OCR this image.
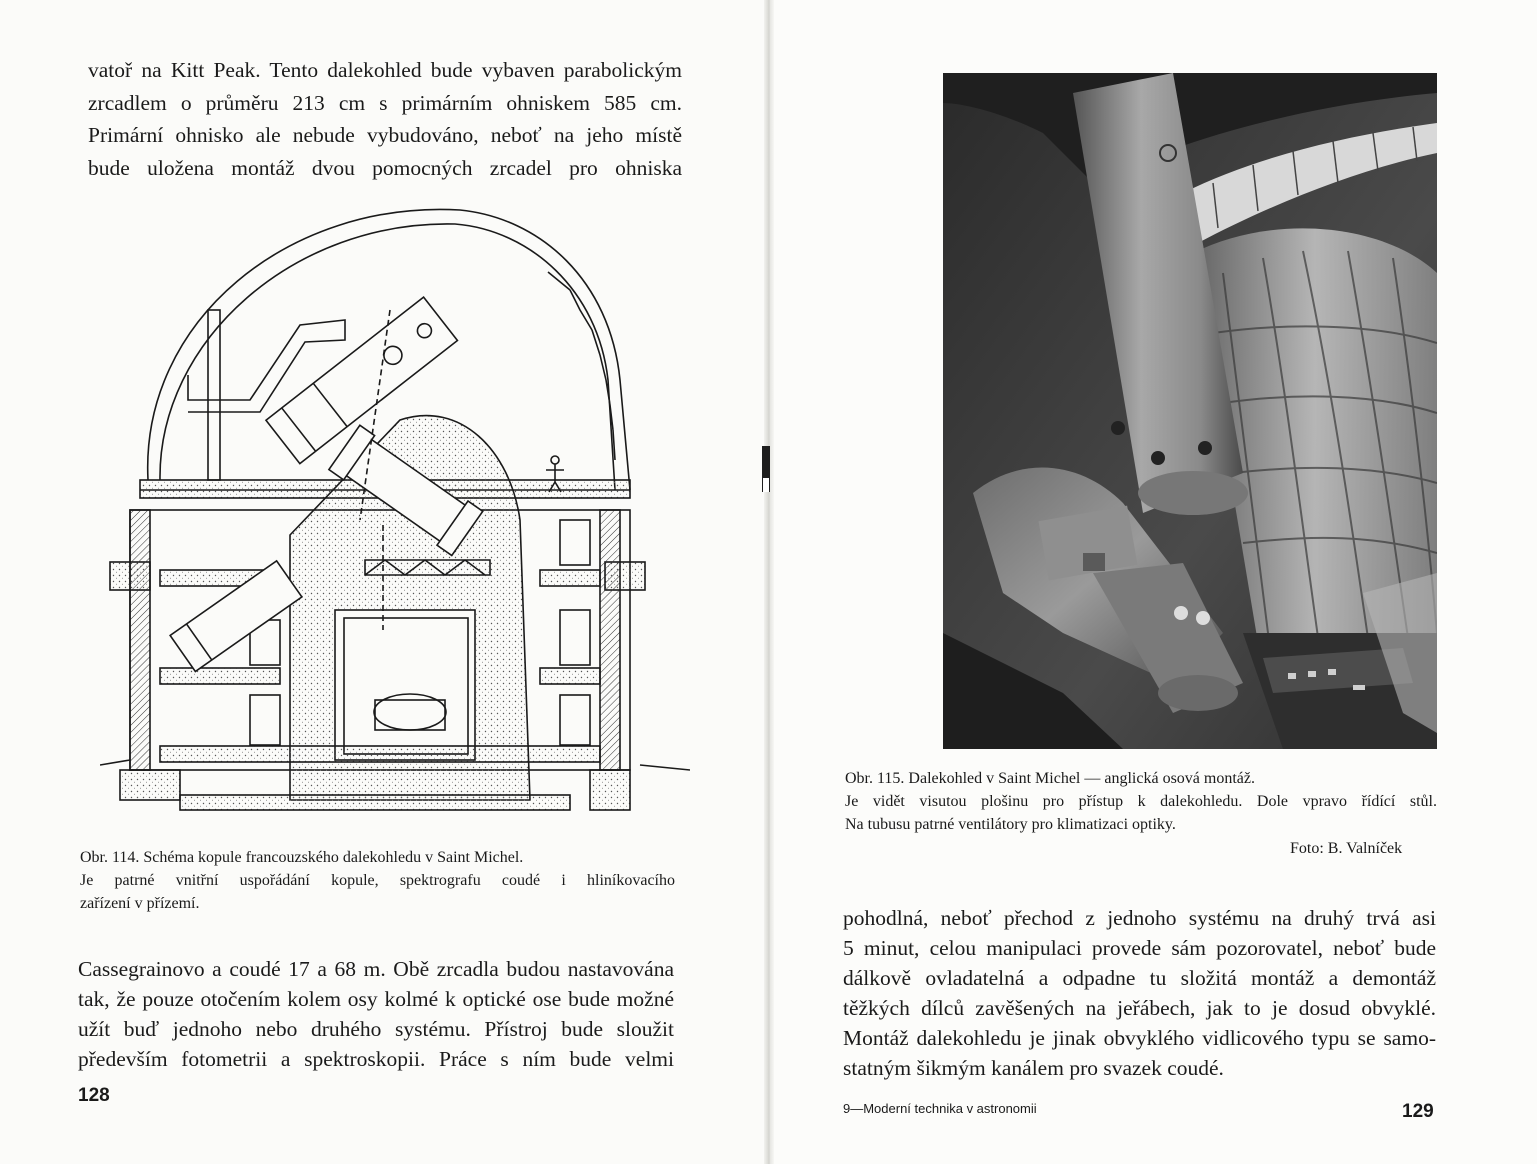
vatoř na Kitt Peak. Tento dalekohled bude vybaven parabolickým
zrcadlem o průměru 213 cm s primárním ohniskem 585 cm.
Primární ohnisko ale nebude vybudováno, neboť na jeho místě
bude uložena montáž dvou pomocných zrcadel pro ohniska
Obr. 114. Schéma kopule francouzského dalekohledu v Saint Michel.
Je patrné vnitřní uspořádání kopule, spektrografu coudé i hliníkovacího
zařízení v přízemí.
Cassegrainovo a coudé 17 a 68 m. Obě zrcadla budou nastavována
tak, že pouze otočením kolem osy kolmé k optické ose bude možné
užít buď jednoho nebo druhého systému. Přístroj bude sloužit
především fotometrii a spektroskopii. Práce s ním bude velmi
128
Obr. 115. Dalekohled v Saint Michel — anglická osová montáž.
Je vidět visutou plošinu pro přístup k dalekohledu. Dole vpravo řídící stůl.
Na tubusu patrné ventilátory pro klimatizaci optiky.
Foto: B. Valníček
pohodlná, neboť přechod z jednoho systému na druhý trvá asi
5 minut, celou manipulaci provede sám pozorovatel, neboť bude
dálkově ovladatelná a odpadne tu složitá montáž a demontáž
těžkých dílců zavěšených na jeřábech, jak to je dosud obvyklé.
Montáž dalekohledu je jinak obvyklého vidlicového typu se samo-
statným šikmým kanálem pro svazek coudé.
9—Moderní technika v astronomii	129
